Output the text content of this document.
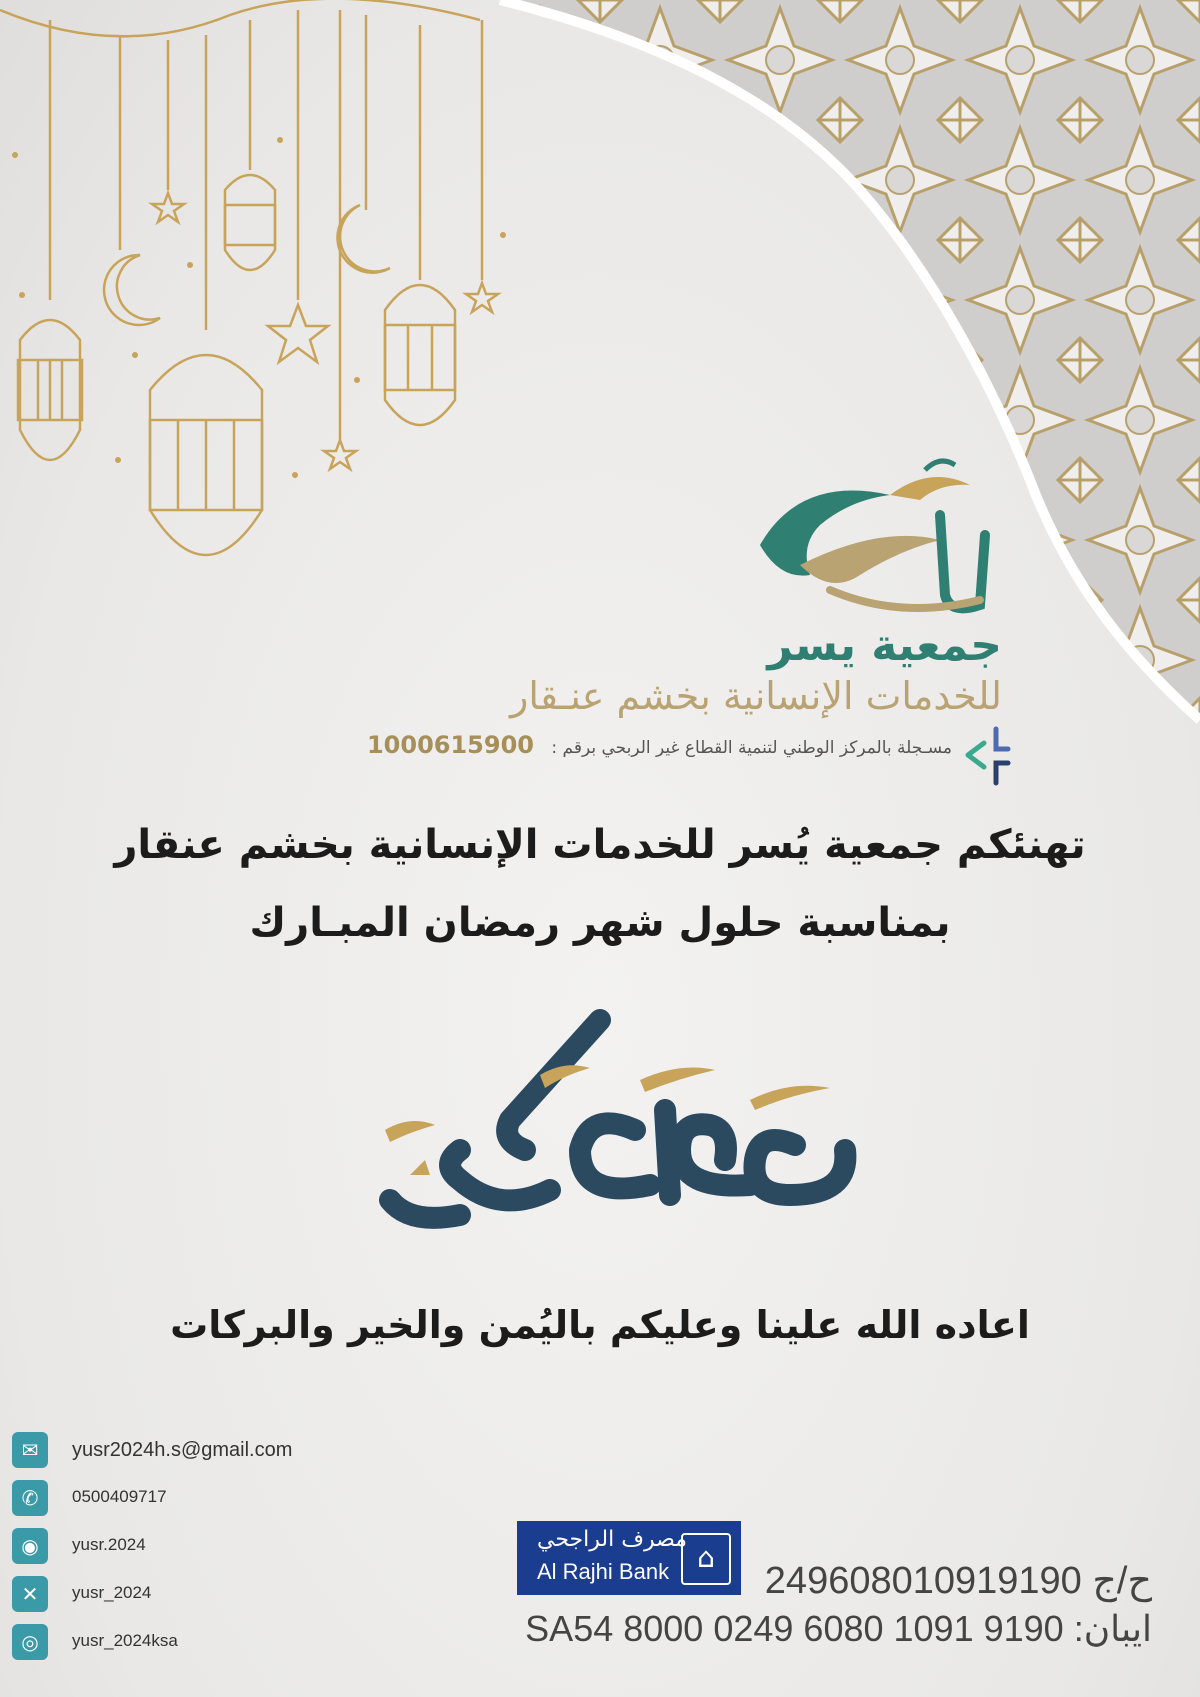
جمعية يسر
للخدمات الإنسانية بخشم عنـقار
مسـجلة بالمركز الوطني لتنمية القطاع غير الربحي برقم : 1000615900
تهنئكم جمعية يُسر للخدمات الإنسانية بخشم عنقار
بمناسبة حلول شهر رمضان المبـارك
اعاده الله علينا وعليكم باليُمن والخير والبركات
✉	yusr2024h.s@gmail.com
✆	0500409717
◉	yusr.2024
✕	yusr_2024
◎	yusr_2024ksa
مصرف الراجحي
Al Rajhi Bank	⌂
ح/ج 249608010919190
ايبان: SA54 8000 0249 6080 1091 9190
